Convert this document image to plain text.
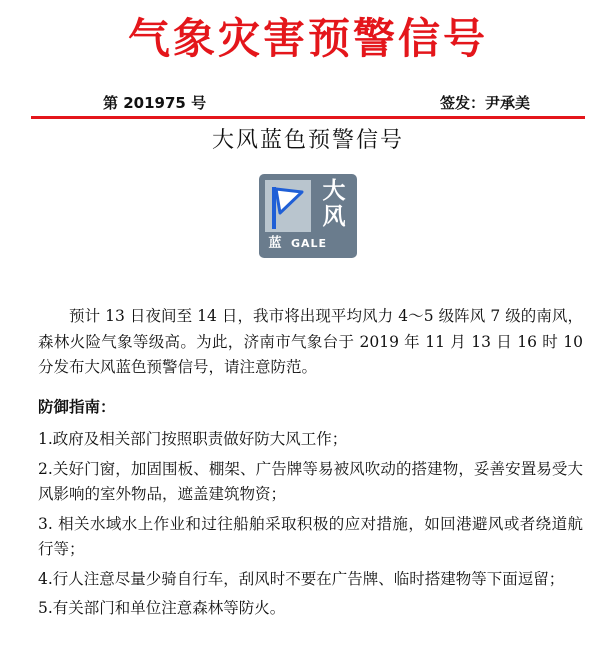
气象灾害预警信号
第 201975 号	签发：尹承美
大风蓝色预警信号
大
风
蓝 GALE
预计 13 日夜间至 14 日，我市将出现平均风力 4～5 级阵风 7 级的南风，森林火险气象等级高。为此，济南市气象台于 2019 年 11 月 13 日 16 时 10 分发布大风蓝色预警信号，请注意防范。
防御指南：
1.政府及相关部门按照职责做好防大风工作；
2.关好门窗，加固围板、棚架、广告牌等易被风吹动的搭建物，妥善安置易受大风影响的室外物品，遮盖建筑物资；
3. 相关水域水上作业和过往船舶采取积极的应对措施，如回港避风或者绕道航行等；
4.行人注意尽量少骑自行车，刮风时不要在广告牌、临时搭建物等下面逗留；
5.有关部门和单位注意森林等防火。
